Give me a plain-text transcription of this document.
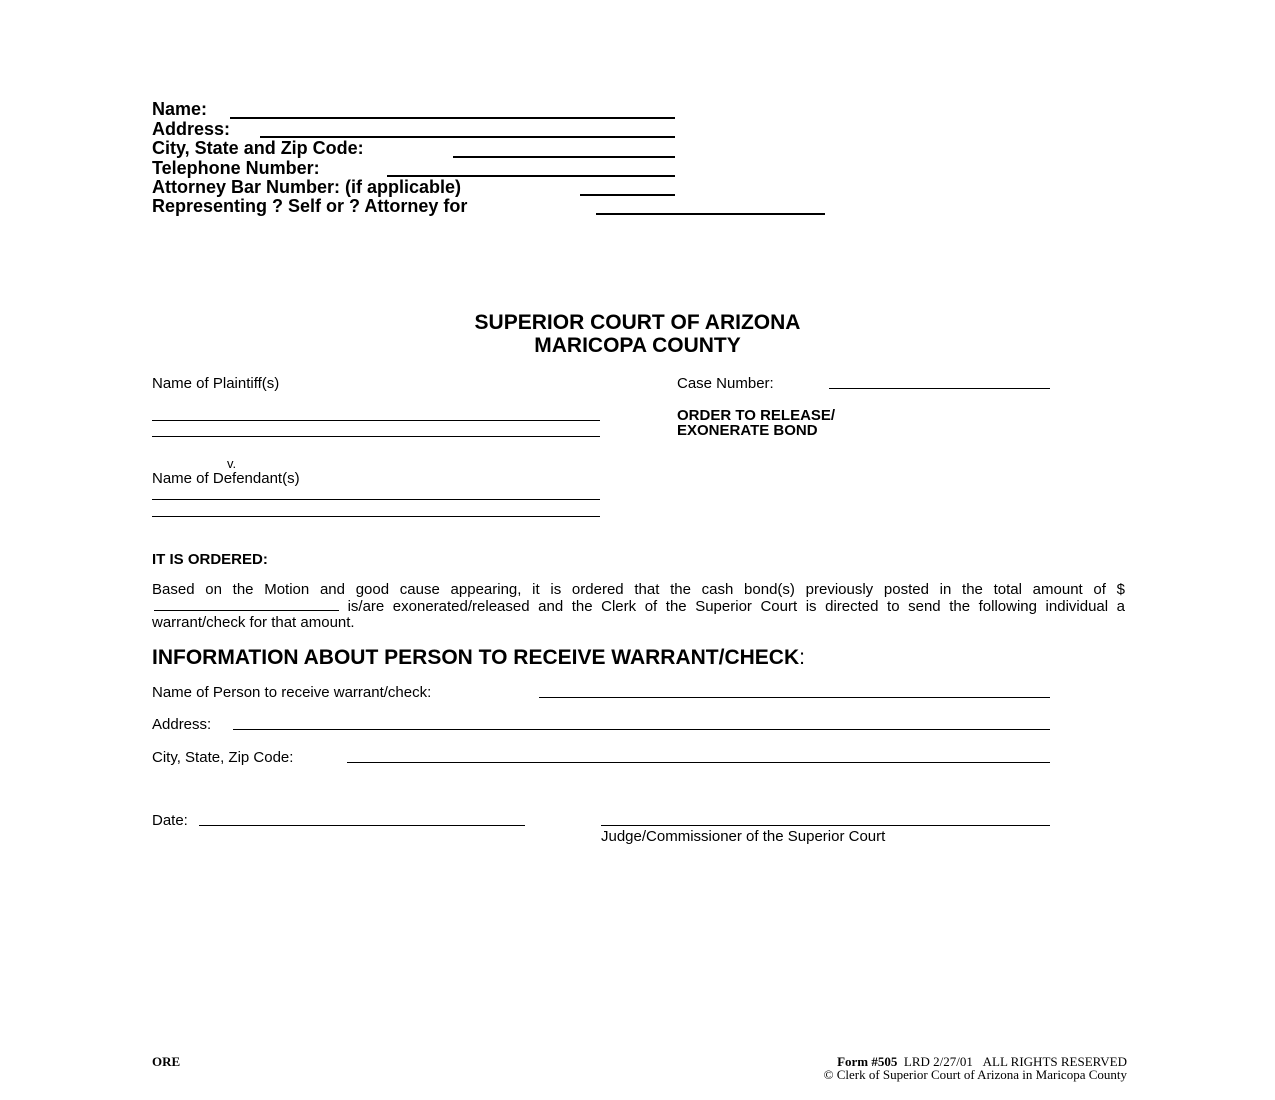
Name:
Address:
City, State and Zip Code:
Telephone Number:
Attorney Bar Number: (if applicable)
Representing ? Self or ? Attorney for
SUPERIOR COURT OF ARIZONA
MARICOPA COUNTY
Name of Plaintiff(s)	Case Number:
ORDER TO RELEASE/
EXONERATE BOND
v.
Name of Defendant(s)
IT IS ORDERED:
Based on the Motion and good cause appearing, it is ordered that the cash bond(s) previously posted in the total amount of $ is/are exonerated/released and the Clerk of the Superior Court is directed to send the following individual a warrant/check for that amount.
INFORMATION ABOUT PERSON TO RECEIVE WARRANT/CHECK:
Name of Person to receive warrant/check:
Address:
City, State, Zip Code:
Date:
Judge/Commissioner of the Superior Court
ORE	Form #505 LRD 2/27/01 ALL RIGHTS RESERVED
© Clerk of Superior Court of Arizona in Maricopa County
